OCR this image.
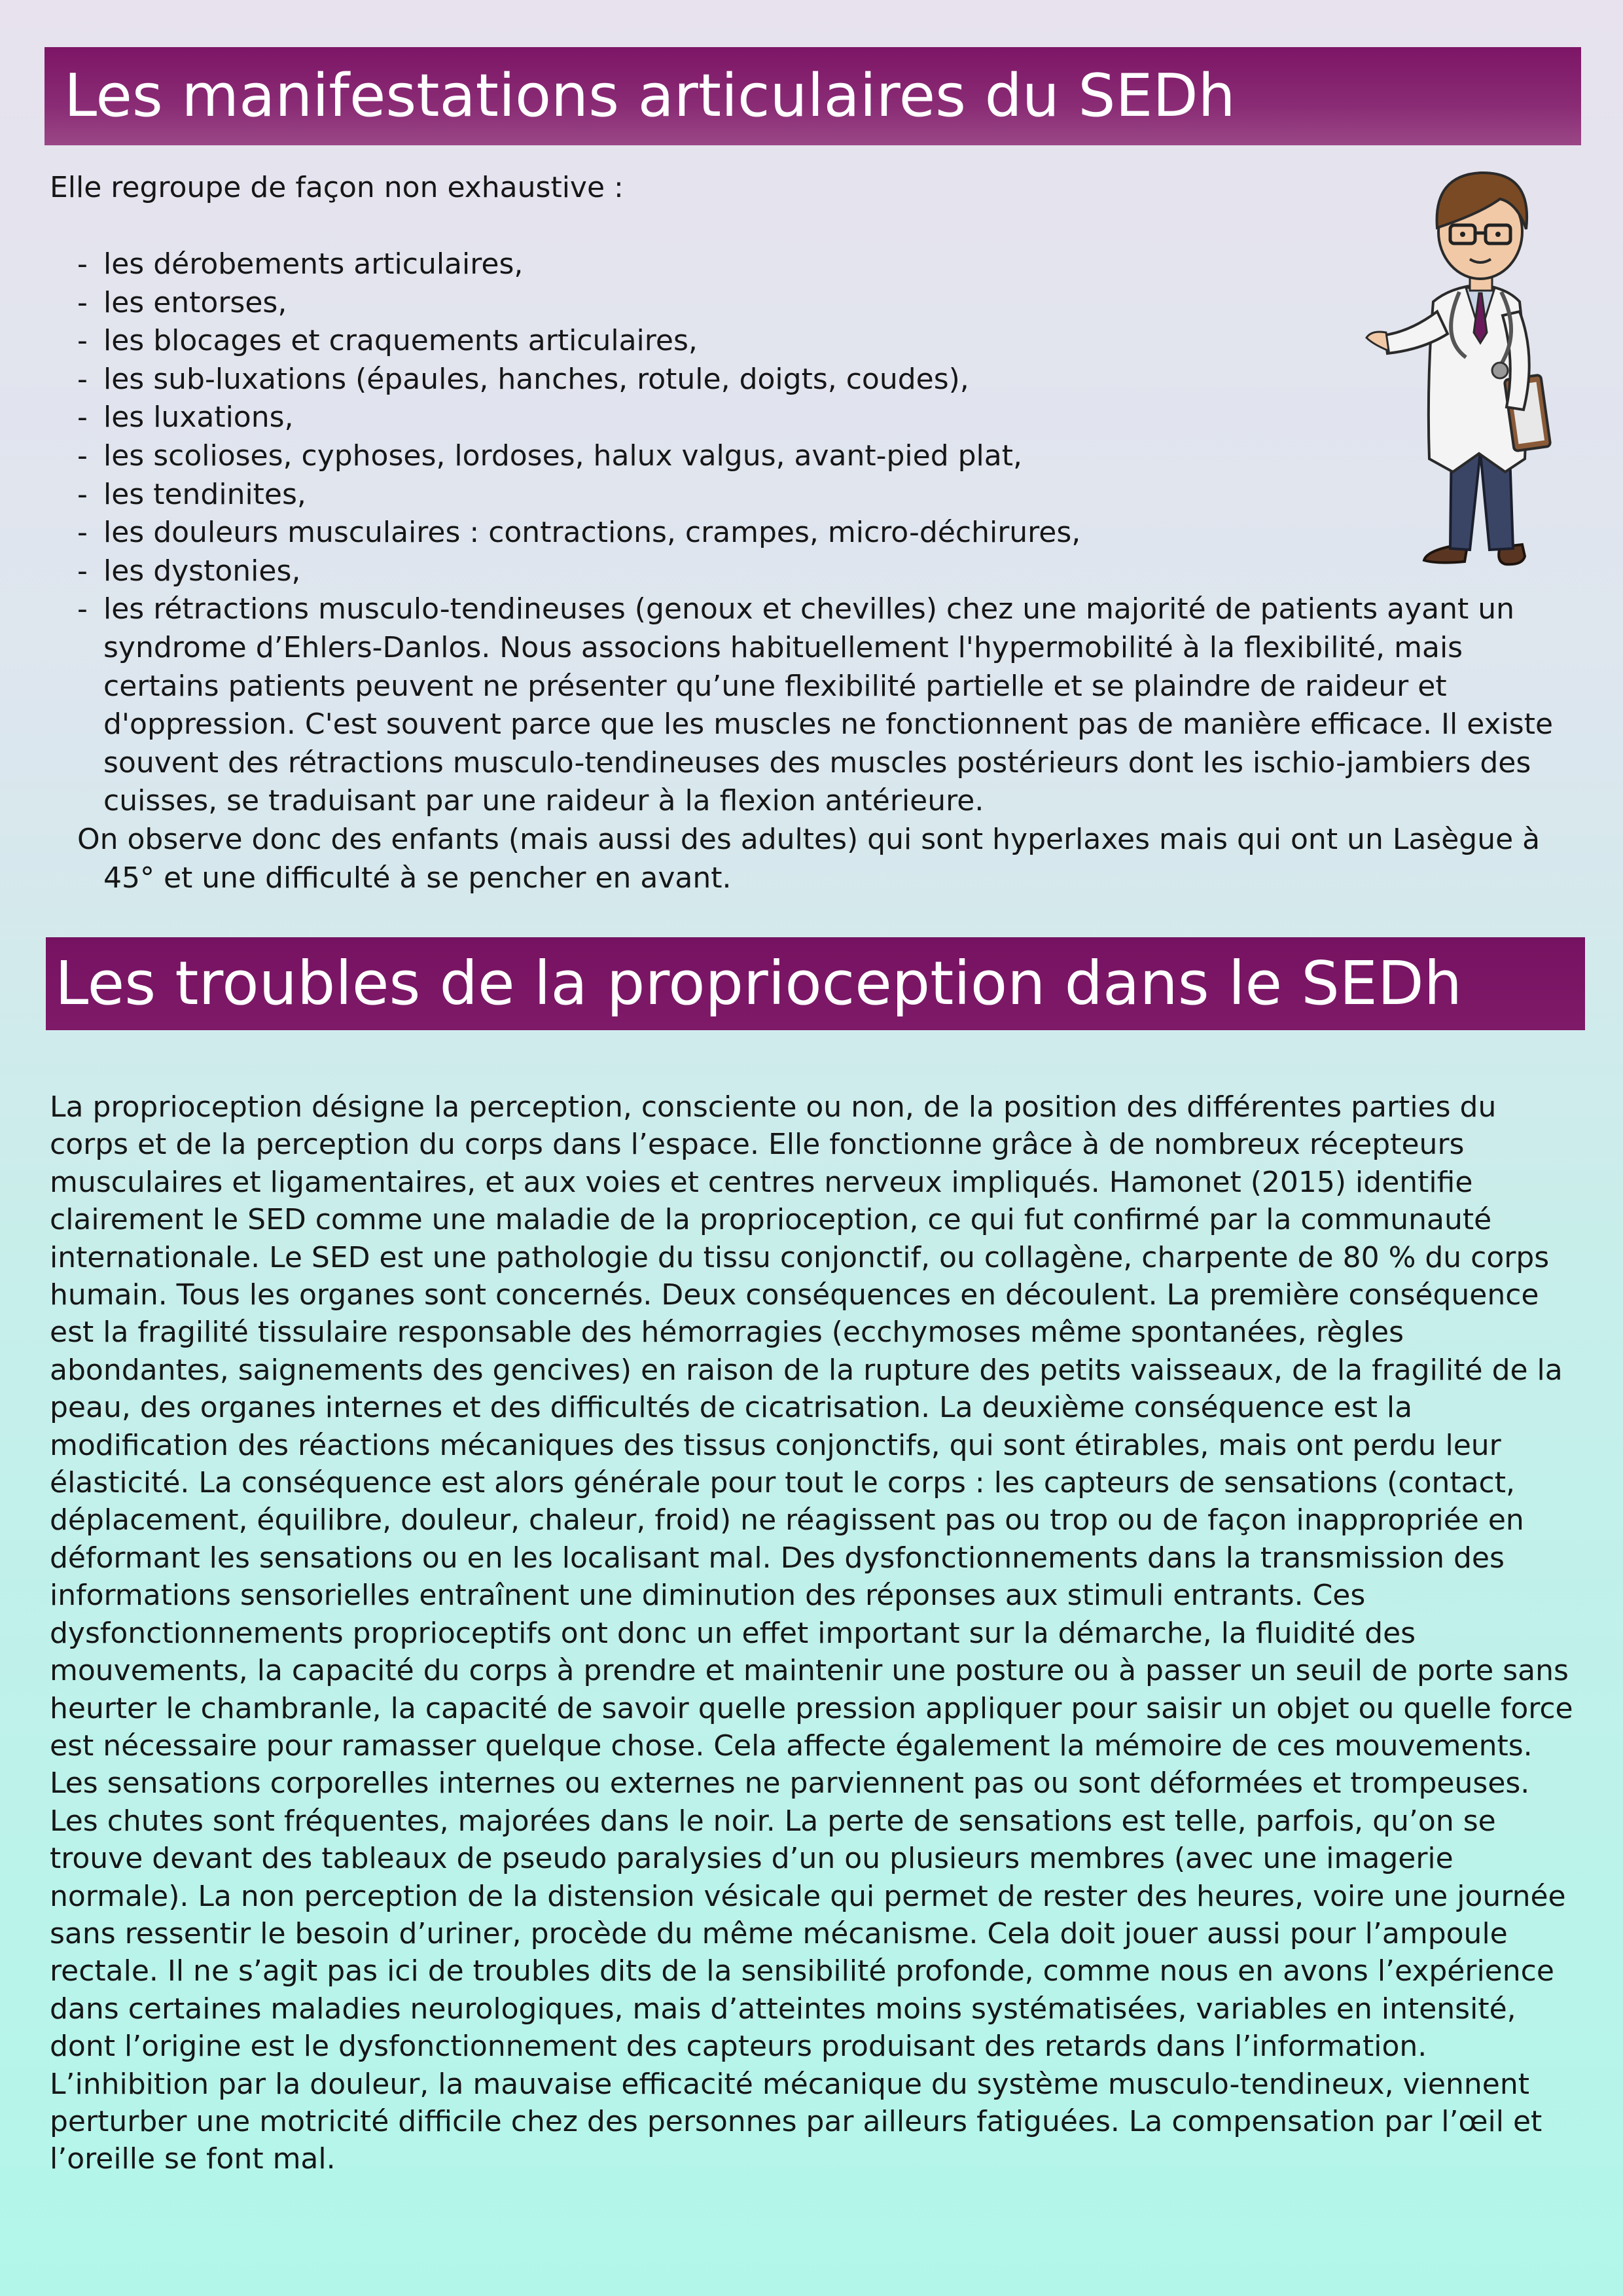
Les manifestations articulaires du SEDh

Elle regroupe de façon non exhaustive :

-les dérobements articulaires,
-les entorses,
-les blocages et craquements articulaires,
-les sub-luxations (épaules, hanches, rotule, doigts, coudes),
-les luxations,
-les scolioses, cyphoses, lordoses, halux valgus, avant-pied plat,
-les tendinites,
-les douleurs musculaires : contractions, crampes, micro-déchirures,
-les dystonies,
-les rétractions musculo-tendineuses (genoux et chevilles) chez une majorité de patients ayant un syndrome d’Ehlers-Danlos. Nous associons habituellement l'hypermobilité à la flexibilité, mais certains patients peuvent ne présenter qu’une flexibilité partielle et se plaindre de raideur et d'oppression. C'est souvent parce que les muscles ne fonctionnent pas de manière efficace. Il existe souvent des rétractions musculo-tendineuses des muscles postérieurs dont les ischio-jambiers des cuisses, se traduisant par une raideur à la flexion antérieure.
On observe donc des enfants (mais aussi des adultes) qui sont hyperlaxes mais qui ont un Lasègue à 45° et une difficulté à se pencher en avant.
Les troubles de la proprioception dans le SEDh

La proprioception désigne la perception, consciente ou non, de la position des différentes parties du corps et de la perception du corps dans l’espace. Elle fonctionne grâce à de nombreux récepteurs musculaires et ligamentaires, et aux voies et centres nerveux impliqués. Hamonet (2015) identifie clairement le SED comme une maladie de la proprioception, ce qui fut confirmé par la communauté internationale. Le SED est une pathologie du tissu conjonctif, ou collagène, charpente de 80 % du corps humain. Tous les organes sont concernés. Deux conséquences en découlent. La première conséquence est la fragilité tissulaire responsable des hémorragies (ecchymoses même spontanées, règles abondantes, saignements des gencives) en raison de la rupture des petits vaisseaux, de la fragilité de la peau, des organes internes et des difficultés de cicatrisation. La deuxième conséquence est la modification des réactions mécaniques des tissus conjonctifs, qui sont étirables, mais ont perdu leur élasticité. La conséquence est alors générale pour tout le corps : les capteurs de sensations (contact, déplacement, équilibre, douleur, chaleur, froid) ne réagissent pas ou trop ou de façon inappropriée en déformant les sensations ou en les localisant mal. Des dysfonctionnements dans la transmission des informations sensorielles entraînent une diminution des réponses aux stimuli entrants. Ces dysfonctionnements proprioceptifs ont donc un effet important sur la démarche, la fluidité des mouvements, la capacité du corps à prendre et maintenir une posture ou à passer un seuil de porte sans heurter le chambranle, la capacité de savoir quelle pression appliquer pour saisir un objet ou quelle force est nécessaire pour ramasser quelque chose. Cela affecte également la mémoire de ces mouvements. Les sensations corporelles internes ou externes ne parviennent pas ou sont déformées et trompeuses. Les chutes sont fréquentes, majorées dans le noir. La perte de sensations est telle, parfois, qu’on se trouve devant des tableaux de pseudo paralysies d’un ou plusieurs membres (avec une imagerie normale). La non perception de la distension vésicale qui permet de rester des heures, voire une journée sans ressentir le besoin d’uriner, procède du même mécanisme. Cela doit jouer aussi pour l’ampoule rectale. Il ne s’agit pas ici de troubles dits de la sensibilité profonde, comme nous en avons l’expérience dans certaines maladies neurologiques, mais d’atteintes moins systématisées, variables en intensité, dont l’origine est le dysfonctionnement des capteurs produisant des retards dans l’information. L’inhibition par la douleur, la mauvaise efficacité mécanique du système musculo-tendineux, viennent perturber une motricité difficile chez des personnes par ailleurs fatiguées. La compensation par l’œil et l’oreille se font mal.
